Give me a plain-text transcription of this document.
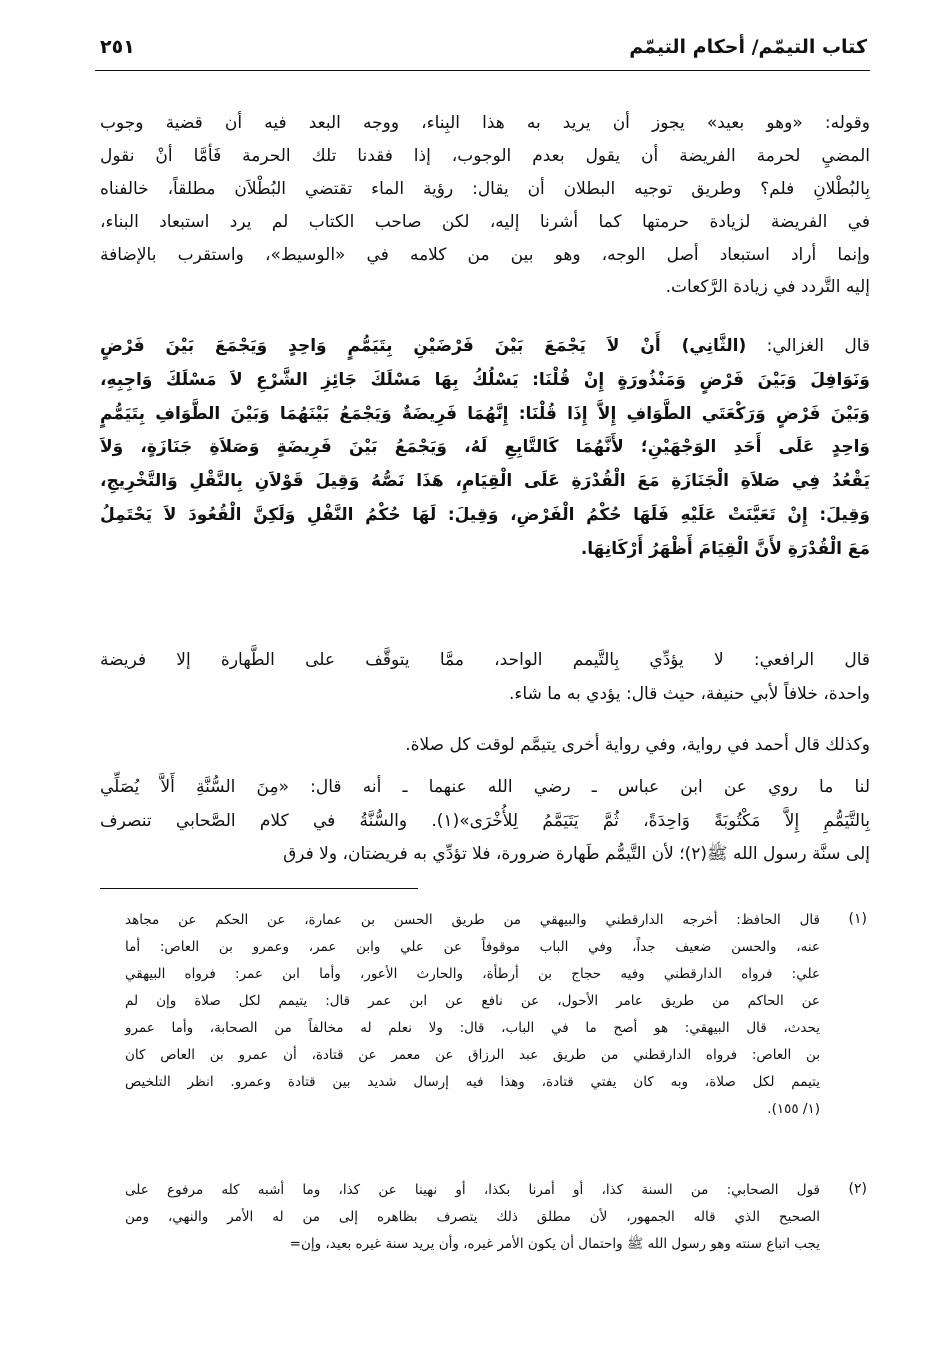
كتاب التيمّم/ أحكام التيمّم
٢٥١
وقوله: «وهو بعيد» يجوز أن يريد به هذا البِناء، ووجه البعد فيه أن قضية وجوب
المضيِ لحرمة الفريضة أن يقول بعدم الوجوب، إذا فقدنا تلك الحرمة فَأمَّا أنْ نقول
بِالبُطْلانِ فلم؟ وطريق توجيه البطلان أن يقال: رؤية الماء تقتضي البُطْلاَن مطلقاً، خالفناه
في الفريضة لزيادة حرمتها كما أشرنا إليه، لكن صاحب الكتاب لم يرد استبعاد البناء،
وإنما أراد استبعاد أصل الوجه، وهو بين من كلامه في «الوسيط»، واستقرب بالإضافة
إليه التَّردد في زيادة الرَّكعات.
قال الغزالي: (الثَّانِي) أَنْ لاَ يَجْمَعَ بَيْنَ فَرْضَيْنِ بِتَيَمُّمٍ وَاحِدٍ وَيَجْمَعَ بَيْنَ فَرْضٍ
وَنَوَافِلَ وَبَيْنَ فَرْضٍ وَمَنْذُورَةٍ إِنْ قُلْنَا: يَسْلُكُ بِهَا مَسْلَكَ جَائِزِ الشَّرْعِ لاَ مَسْلَكَ وَاجِبِهِ،
وَبَيْنَ فَرْضٍ وَرَكْعَتَي الطَّوَافِ إِلاَّ إِذَا قُلْنَا: إِنَّهُمَا فَرِيضَةٌ وَيَجْمَعُ بَيْنَهُمَا وَبَيْنَ الطَّوَافِ بِتَيَمُّمٍ
وَاحِدٍ عَلَى أَحَدِ الوَجْهَيْنِ؛ لأَنَّهُمَا كَالتَّابِعِ لَهُ، وَيَجْمَعُ بَيْنَ فَرِيضَةٍ وَصَلاَةِ جَنَازَةٍ، وَلاَ
يَقْعُدُ فِي صَلاَةِ الْجَنَازَةِ مَعَ الْقُدْرَةِ عَلَى الْقِيَامِ، هَذَا نَصُّهُ وَقِيلَ قَوْلاَنِ بِالنَّقْلِ وَالتَّخْرِيجِ،
وَقِيلَ: إِنْ تَعَيَّنَتْ عَلَيْهِ فَلَهَا حُكْمُ الْفَرْضِ، وَقِيلَ: لَهَا حُكْمُ النَّفْلِ وَلَكِنَّ الْقُعُودَ لاَ يَحْتَمِلُ
مَعَ الْقُدْرَةِ لأَنَّ الْقِيَامَ أَظْهَرُ أَرْكَانِهَا.
قال الرافعي: لا يؤدِّي بِالتَّيمم الواحد، ممَّا يتوقَّف على الطَّهارة إلا فريضة
واحدة، خلافاً لأبي حنيفة، حيث قال: يؤدي به ما شاء.
وكذلك قال أحمد في رواية، وفي رواية أخرى يتيمَّم لوقت كل صلاة.
لنا ما روي عن ابن عباس ـ رضي الله عنهما ـ أنه قال: «مِنَ السُّنَّةِ أَلاَّ يُصَلِّي
بِالتَّيَمُّمِ إِلاَّ مَكْتُوبَةً وَاحِدَةً، ثُمَّ يَتَيَمَّمُ لِلأُخْرَى»(١). والسُّنَّةُ في كلام الصَّحابي تنصرف
إلى سنَّة رسول الله ﷺ(٢)؛ لأن التَّيمُّم طَهارة ضرورة، فلا تؤدِّي به فريضتان، ولا فرق
(١)
قال الحافظ: أخرجه الدارقطني والبيهقي من طريق الحسن بن عمارة، عن الحكم عن مجاهد
عنه، والحسن ضعيف جداً، وفي الباب موقوفاً عن علي وابن عمر، وعمرو بن العاص: أما
علي: فرواه الدارقطني وفيه حجاج بن أرطأة، والحارث الأعور، وأما ابن عمر: فرواه البيهقي
عن الحاكم من طريق عامر الأحول، عن نافع عن ابن عمر قال: يتيمم لكل صلاة وإن لم
يحدث، قال البيهقي: هو أصح ما في الباب، قال: ولا نعلم له مخالفاً من الصحابة، وأما عمرو
بن العاص: فرواه الدارقطني من طريق عبد الرزاق عن معمر عن قتادة، أن عمرو بن العاص كان
يتيمم لكل صلاة، وبه كان يفتي قتادة، وهذا فيه إرسال شديد بين قتادة وعمرو. انظر التلخيص
(١/ ١٥٥).
(٢)
قول الصحابي: من السنة كذا، أو أمرنا بكذا، أو نهينا عن كذا، وما أشبه كله مرفوع على
الصحيح الذي قاله الجمهور، لأن مطلق ذلك يتصرف بظاهره إلى من له الأمر والنهي، ومن
يجب اتباع سنته وهو رسول الله ﷺ واحتمال أن يكون الأمر غيره، وأن يريد سنة غيره بعيد، وإن=
